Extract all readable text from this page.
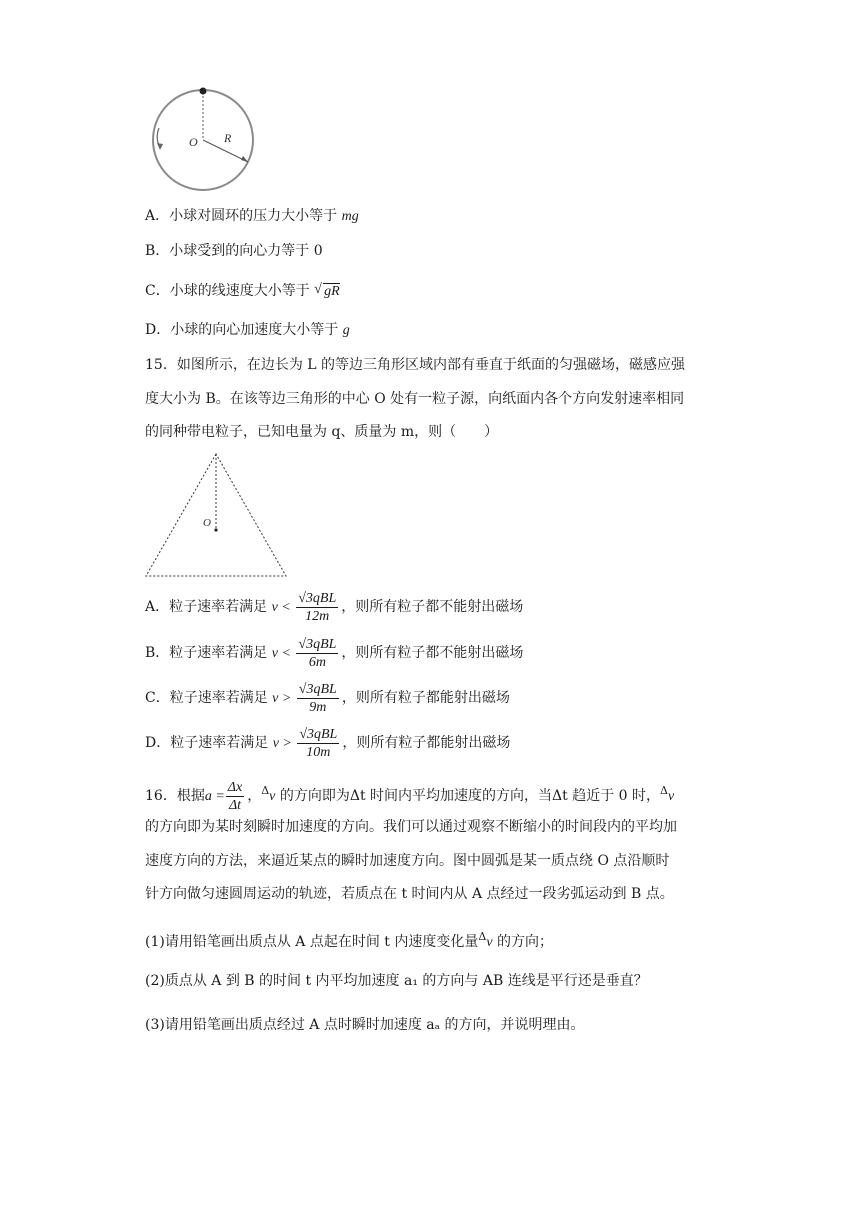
O R
A．小球对圆环的压力大小等于 mg
B．小球受到的向心力等于 0
C．小球的线速度大小等于 √ gR
D．小球的向心加速度大小等于 g
15．如图所示，在边长为 L 的等边三角形区域内部有垂直于纸面的匀强磁场，磁感应强
度大小为 B。在该等边三角形的中心 O 处有一粒子源，向纸面内各个方向发射速率相同
的同种带电粒子，已知电量为 q、质量为 m，则（　　）
O
A．粒子速率若满足 $v < \frac{\text{√3qBL}}{12m}$ ，则所有粒子都不能射出磁场
B．粒子速率若满足 $v < \frac{\text{√3qBL}}{6m}$ ，则所有粒子都不能射出磁场
C．粒子速率若满足 $v > \frac{\text{√3qBL}}{9m}$ ，则所有粒子都能射出磁场
D．粒子速率若满足 $v > \frac{\text{√3qBL}}{10m}$ ，则所有粒子都能射出磁场
16．根据$a = \frac{\Delta x}{\Delta t}$ ，$^\Delta$v 的方向即为Δt 时间内平均加速度的方向，当Δt 趋近于 0 时，$^\Delta$v
的方向即为某时刻瞬时加速度的方向。我们可以通过观察不断缩小的时间段内的平均加
速度方向的方法，来逼近某点的瞬时加速度方向。图中圆弧是某一质点绕 O 点沿顺时
针方向做匀速圆周运动的轨迹，若质点在 t 时间内从 A 点经过一段劣弧运动到 B 点。
(1)请用铅笔画出质点从 A 点起在时间 t 内速度变化量$^\Delta$v 的方向；
(2)质点从 A 到 B 的时间 t 内平均加速度 a₁ 的方向与 AB 连线是平行还是垂直？
(3)请用铅笔画出质点经过 A 点时瞬时加速度 aₐ 的方向，并说明理由。
